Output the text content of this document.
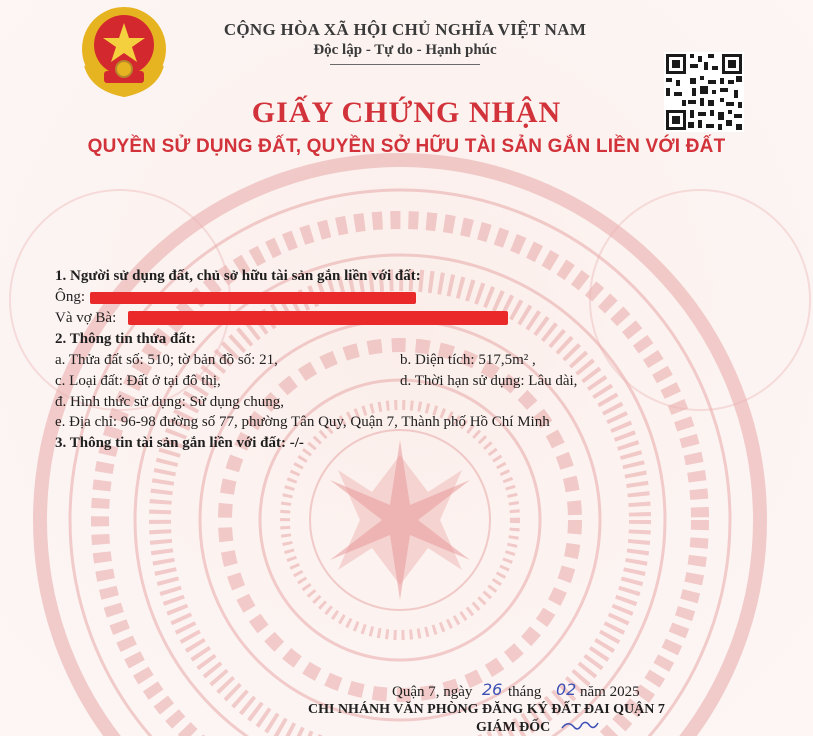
CỘNG HÒA XÃ HỘI CHỦ NGHĨA VIỆT NAM
Độc lập - Tự do - Hạnh phúc
GIẤY CHỨNG NHẬN
QUYỀN SỬ DỤNG ĐẤT, QUYỀN SỞ HỮU TÀI SẢN GẮN LIỀN VỚI ĐẤT
1. Người sử dụng đất, chủ sở hữu tài sản gắn liền với đất:
Ông:
Và vợ Bà:
2. Thông tin thửa đất:
a. Thửa đất số: 510; tờ bản đồ số: 21,	b. Diện tích: 517,5m² ,
c. Loại đất: Đất ở tại đô thị,	d. Thời hạn sử dụng: Lâu dài,
đ. Hình thức sử dụng: Sử dụng chung,
e. Địa chỉ: 96-98 đường số 77, phường Tân Quy, Quận 7, Thành phố Hồ Chí Minh
3. Thông tin tài sản gắn liền với đất: -/-
Quận 7, ngày 26 tháng 02 năm 2025
CHI NHÁNH VĂN PHÒNG ĐĂNG KÝ ĐẤT ĐAI QUẬN 7
GIÁM ĐỐC
